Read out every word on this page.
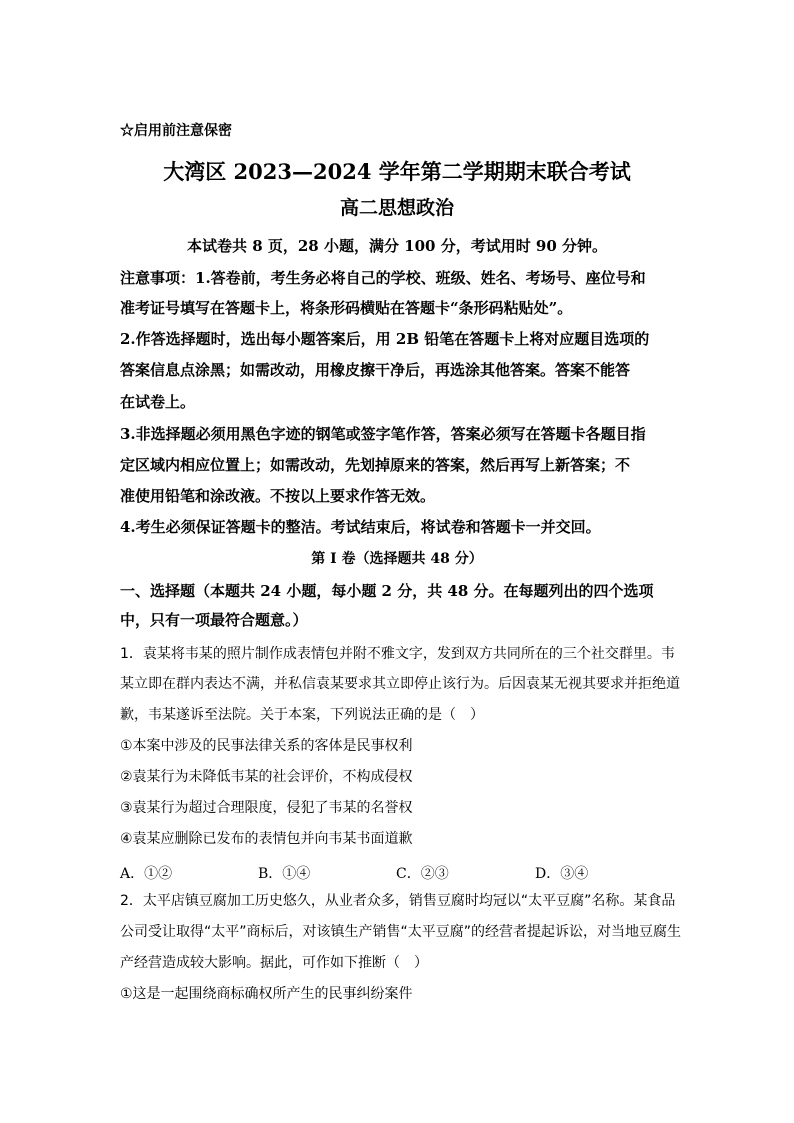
☆启用前注意保密
大湾区 2023—2024 学年第二学期期末联合考试
高二思想政治
本试卷共 8 页，28 小题，满分 100 分，考试用时 90 分钟。
注意事项：1.答卷前，考生务必将自己的学校、班级、姓名、考场号、座位号和
准考证号填写在答题卡上，将条形码横贴在答题卡“条形码粘贴处”。
2.作答选择题时，选出每小题答案后，用 2B 铅笔在答题卡上将对应题目选项的
答案信息点涂黑；如需改动，用橡皮擦干净后，再选涂其他答案。答案不能答
在试卷上。
3.非选择题必须用黑色字迹的钢笔或签字笔作答，答案必须写在答题卡各题目指
定区域内相应位置上；如需改动，先划掉原来的答案，然后再写上新答案；不
准使用铅笔和涂改液。不按以上要求作答无效。
4.考生必须保证答题卡的整洁。考试结束后，将试卷和答题卡一并交回。
第 I 卷（选择题共 48 分）
一、选择题（本题共 24 小题，每小题 2 分，共 48 分。在每题列出的四个选项
中，只有一项最符合题意。）
1．袁某将韦某的照片制作成表情包并附不雅文字，发到双方共同所在的三个社交群里。韦
某立即在群内表达不满，并私信袁某要求其立即停止该行为。后因袁某无视其要求并拒绝道
歉，韦某遂诉至法院。关于本案，下列说法正确的是（　）
①本案中涉及的民事法律关系的客体是民事权利
②袁某行为未降低韦某的社会评价，不构成侵权
③袁某行为超过合理限度，侵犯了韦某的名誉权
④袁某应删除已发布的表情包并向韦某书面道歉
A．①②	B．①④	C．②③	D．③④
2．太平店镇豆腐加工历史悠久，从业者众多，销售豆腐时均冠以“太平豆腐”名称。某食品
公司受让取得“太平”商标后，对该镇生产销售“太平豆腐”的经营者提起诉讼，对当地豆腐生
产经营造成较大影响。据此，可作如下推断（　）
①这是一起围绕商标确权所产生的民事纠纷案件
